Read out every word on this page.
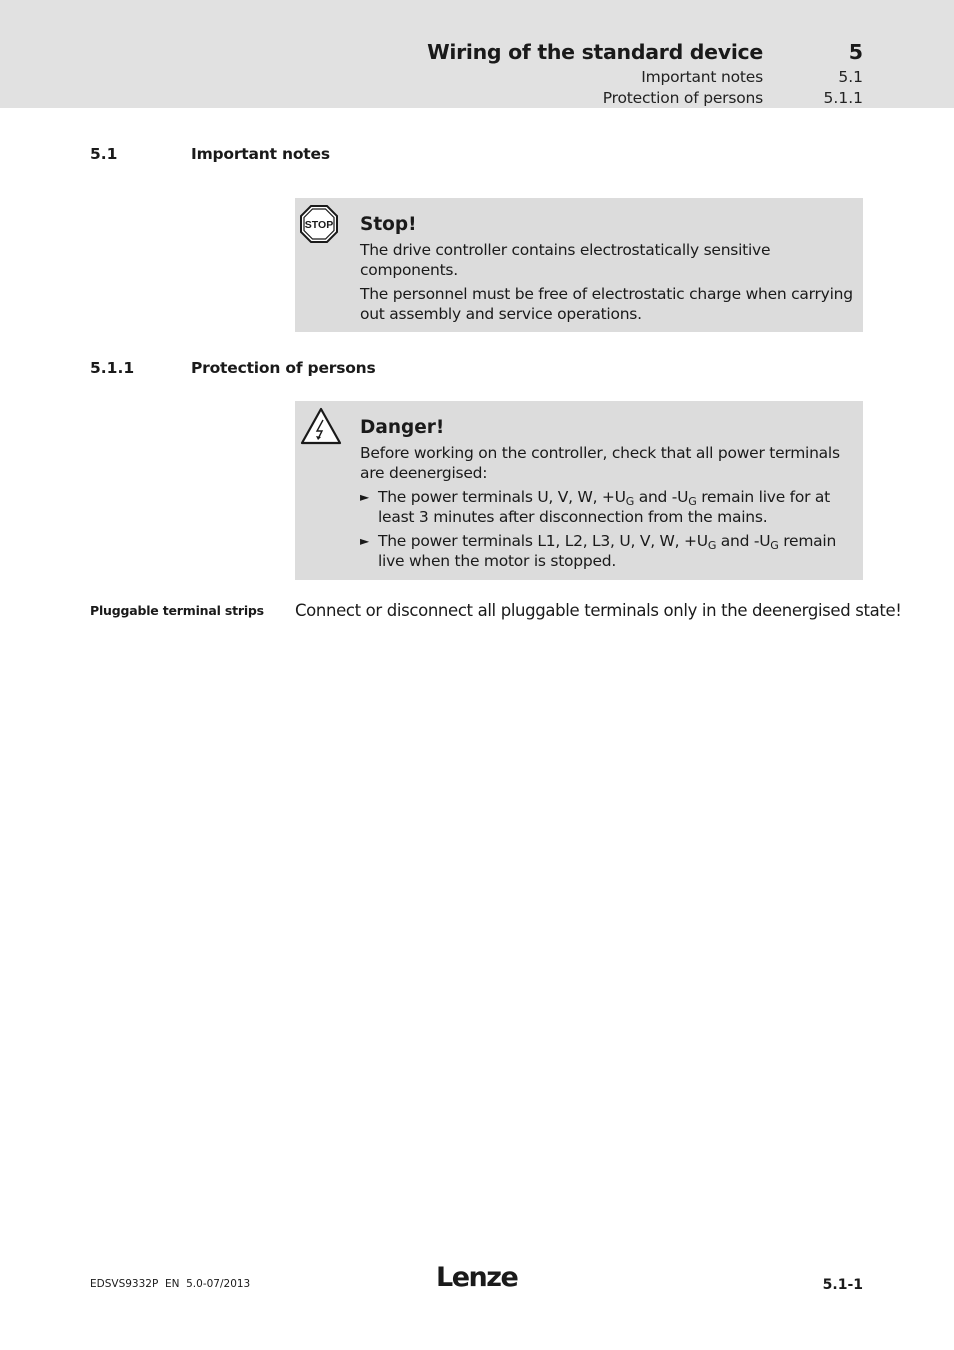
Wiring of the standard device	5
Important notes	5.1
Protection of persons	5.1.1
5.1	Important notes
STOP Stop!

The drive controller contains electrostatically sensitive components.

The personnel must be free of electrostatic charge when carrying out assembly and service operations.

5.1.1	Protection of persons

Danger!

Before working on the controller, check that all power terminals are deenergised:

► The power terminals U, V, W, $+U_G$ and $-U_G$ remain live for at least 3 minutes after disconnection from the mains.
► The power terminals L1, L2, L3, U, V, W, $+U_G$ and $-U_G$ remain live when the motor is stopped.
Pluggable terminal strips Connect or disconnect all pluggable terminals only in the deenergised state!
EDSVS9332P  EN  5.0-07/2013	Lenze	5.1-1
